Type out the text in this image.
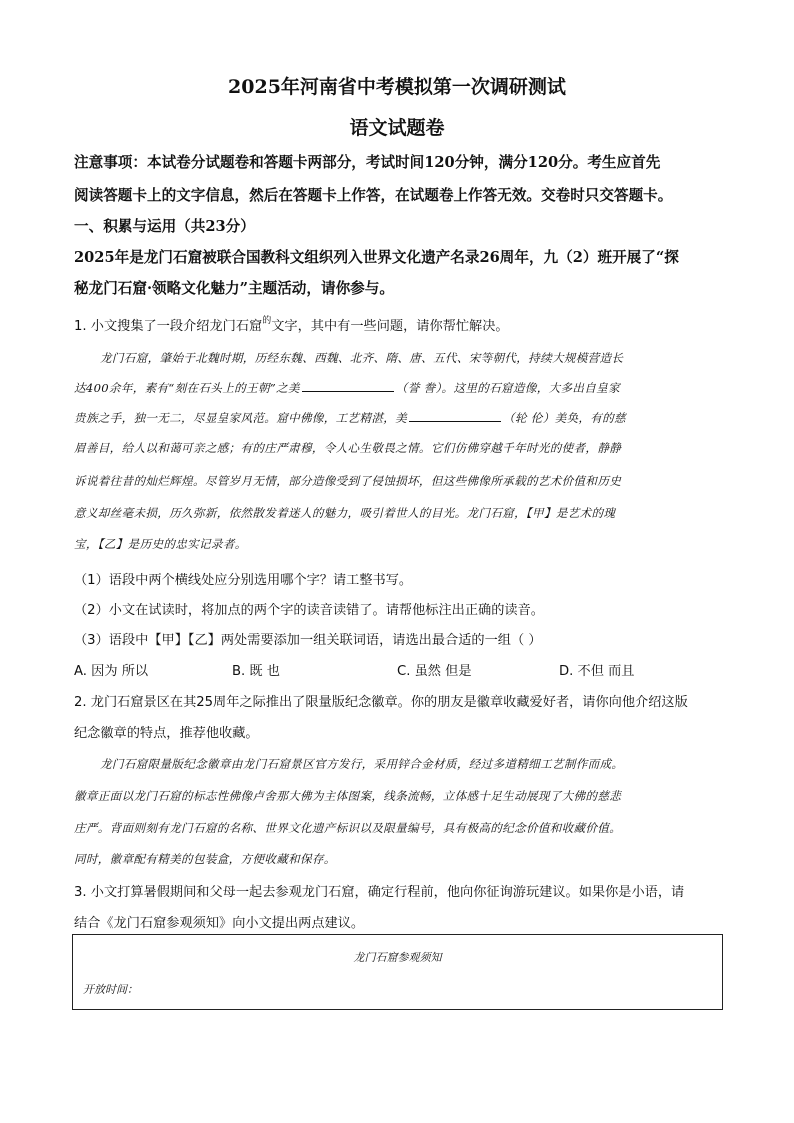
2025年河南省中考模拟第一次调研测试
语文试题卷
注意事项：本试卷分试题卷和答题卡两部分，考试时间120分钟，满分120分。考生应首先
阅读答题卡上的文字信息，然后在答题卡上作答，在试题卷上作答无效。交卷时只交答题卡。
一、积累与运用（共23分）
2025年是龙门石窟被联合国教科文组织列入世界文化遗产名录26周年，九（2）班开展了“探
秘龙门石窟·领略文化魅力”主题活动，请你参与。
1. 小文搜集了一段介绍龙门石窟$^的$文字，其中有一些问题，请你帮忙解决。
龙门石窟，肇始于北魏时期，历经东魏、西魏、北齐、隋、唐、五代、宋等朝代，持续大规模营造长
达400余年，素有“刻在石头上的王朝”之美	（誉 誊）。这里的石窟造像，大多出自皇家
贵族之手，独一无二，尽显皇家风范。窟中佛像，工艺精湛，美	（轮 伦）美奂，有的慈
眉善目，给人以和蔼可亲之感；有的庄严肃穆，令人心生敬畏之情。它们仿佛穿越千年时光的使者，静静
诉说着往昔的灿烂辉煌。尽管岁月无情，部分造像受到了侵蚀损坏，但这些佛像所承载的艺术价值和历史
意义却丝毫未损，历久弥新，依然散发着迷人的魅力，吸引着世人的目光。龙门石窟，【甲】是艺术的瑰
宝，【乙】是历史的忠实记录者。
（1）语段中两个横线处应分别选用哪个字？请工整书写。
（2）小文在试读时，将加点的两个字的读音读错了。请帮他标注出正确的读音。
（3）语段中【甲】【乙】两处需要添加一组关联词语，请选出最合适的一组（ ）
A. 因为 所以	B. 既 也	C. 虽然 但是	D. 不但 而且
2. 龙门石窟景区在其25周年之际推出了限量版纪念徽章。你的朋友是徽章收藏爱好者，请你向他介绍这版
纪念徽章的特点，推荐他收藏。
龙门石窟限量版纪念徽章由龙门石窟景区官方发行，采用锌合金材质，经过多道精细工艺制作而成。
徽章正面以龙门石窟的标志性佛像卢舍那大佛为主体图案，线条流畅，立体感十足生动展现了大佛的慈悲
庄严。背面则刻有龙门石窟的名称、世界文化遗产标识以及限量编号，具有极高的纪念价值和收藏价值。
同时，徽章配有精美的包装盒，方便收藏和保存。
3. 小文打算暑假期间和父母一起去参观龙门石窟，确定行程前，他向你征询游玩建议。如果你是小语，请
结合《龙门石窟参观须知》向小文提出两点建议。
龙门石窟参观须知
开放时间：
